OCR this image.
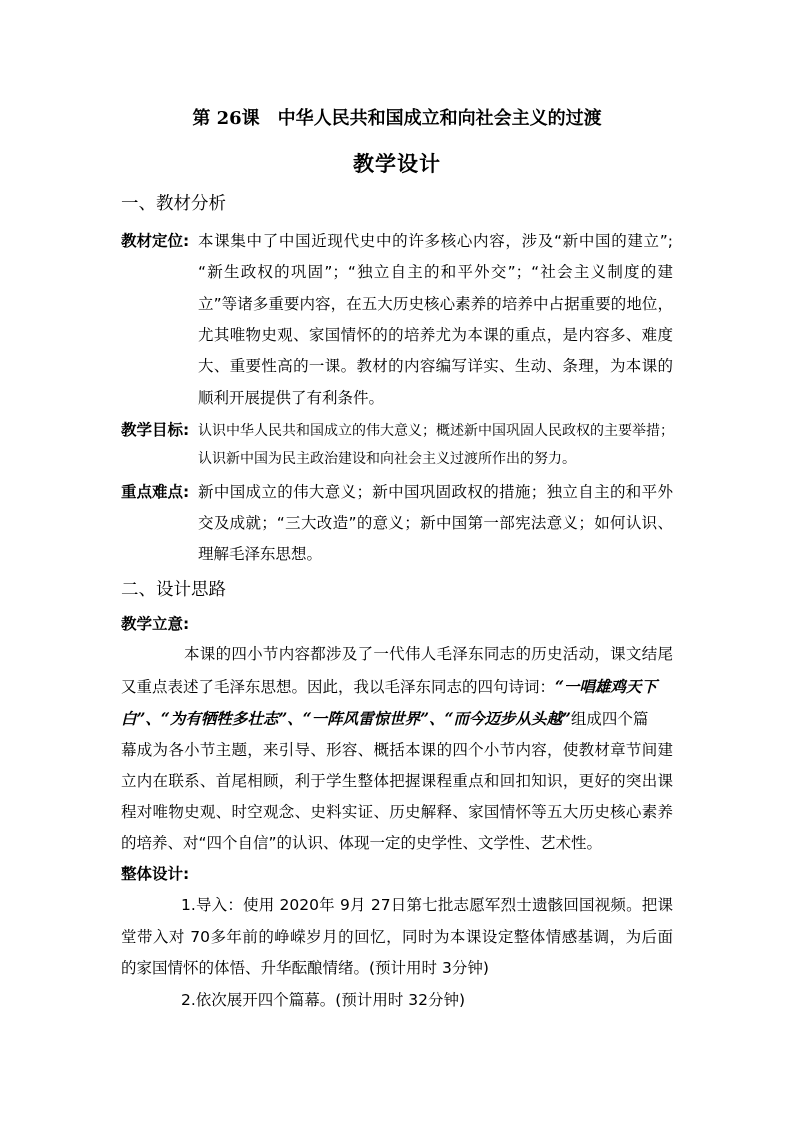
第 26课　中华人民共和国成立和向社会主义的过渡
教学设计
一、教材分析
教材定位: 本课集中了中国近现代史中的许多核心内容，涉及“新中国的建立”;
“新生政权的巩固”；“独立自主的和平外交”；“社会主义制度的建
立”等诸多重要内容，在五大历史核心素养的培养中占据重要的地位，
尤其唯物史观、家国情怀的的培养尤为本课的重点，是内容多、难度
大、重要性高的一课。教材的内容编写详实、生动、条理，为本课的
顺利开展提供了有利条件。
教学目标: 认识中华人民共和国成立的伟大意义；概述新中国巩固人民政权的主要举措；
认识新中国为民主政治建设和向社会主义过渡所作出的努力。
重点难点: 新中国成立的伟大意义；新中国巩固政权的措施；独立自主的和平外
交及成就；“三大改造”的意义；新中国第一部宪法意义；如何认识、
理解毛泽东思想。
二、设计思路
教学立意:
本课的四小节内容都涉及了一代伟人毛泽东同志的历史活动，课文结尾
又重点表述了毛泽东思想。因此，我以毛泽东同志的四句诗词：“一唱雄鸡天下
白”、“为有牺牲多壮志”、“一阵风雷惊世界”、“而今迈步从头越”组成四个篇
幕成为各小节主题，来引导、形容、概括本课的四个小节内容，使教材章节间建
立内在联系、首尾相顾，利于学生整体把握课程重点和回扣知识，更好的突出课
程对唯物史观、时空观念、史料实证、历史解释、家国情怀等五大历史核心素养
的培养、对“四个自信”的认识、体现一定的史学性、文学性、艺术性。
整体设计:
1.导入：使用 2020年 9月 27日第七批志愿军烈士遗骸回国视频。把课
堂带入对 70多年前的峥嵘岁月的回忆，同时为本课设定整体情感基调，为后面
的家国情怀的体悟、升华酝酿情绪。(预计用时 3分钟)
2.依次展开四个篇幕。(预计用时 32分钟)
